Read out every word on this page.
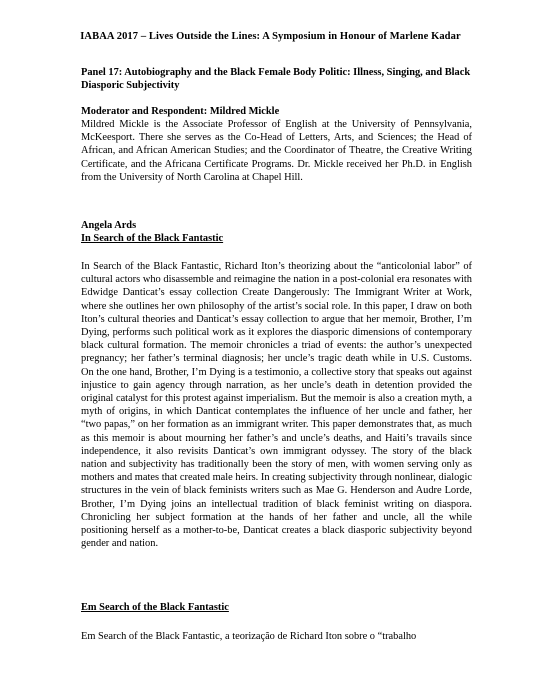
IABAA 2017 – Lives Outside the Lines: A Symposium in Honour of Marlene Kadar
Panel 17: Autobiography and the Black Female Body Politic: Illness, Singing, and Black Diasporic Subjectivity
Moderator and Respondent: Mildred Mickle
Mildred Mickle is the Associate Professor of English at the University of Pennsylvania, McKeesport. There she serves as the Co-Head of Letters, Arts, and Sciences; the Head of African, and African American Studies; and the Coordinator of Theatre, the Creative Writing Certificate, and the Africana Certificate Programs. Dr. Mickle received her Ph.D. in English from the University of North Carolina at Chapel Hill.
Angela Ards
In Search of the Black Fantastic
In Search of the Black Fantastic, Richard Iton’s theorizing about the “anticolonial labor” of cultural actors who disassemble and reimagine the nation in a post-colonial era resonates with Edwidge Danticat’s essay collection Create Dangerously: The Immigrant Writer at Work, where she outlines her own philosophy of the artist’s social role. In this paper, I draw on both Iton’s cultural theories and Danticat’s essay collection to argue that her memoir, Brother, I’m Dying, performs such political work as it explores the diasporic dimensions of contemporary black cultural formation. The memoir chronicles a triad of events: the author’s unexpected pregnancy; her father’s terminal diagnosis; her uncle’s tragic death while in U.S. Customs. On the one hand, Brother, I’m Dying is a testimonio, a collective story that speaks out against injustice to gain agency through narration, as her uncle’s death in detention provided the original catalyst for this protest against imperialism. But the memoir is also a creation myth, a myth of origins, in which Danticat contemplates the influence of her uncle and father, her “two papas,” on her formation as an immigrant writer. This paper demonstrates that, as much as this memoir is about mourning her father’s and uncle’s deaths, and Haiti’s travails since independence, it also revisits Danticat’s own immigrant odyssey. The story of the black nation and subjectivity has traditionally been the story of men, with women serving only as mothers and mates that created male heirs. In creating subjectivity through nonlinear, dialogic structures in the vein of black feminists writers such as Mae G. Henderson and Audre Lorde, Brother, I’m Dying joins an intellectual tradition of black feminist writing on diaspora. Chronicling her subject formation at the hands of her father and uncle, all the while positioning herself as a mother-to-be, Danticat creates a black diasporic subjectivity beyond gender and nation.
Em Search of the Black Fantastic
Em Search of the Black Fantastic, a teorização de Richard Iton sobre o “trabalho
